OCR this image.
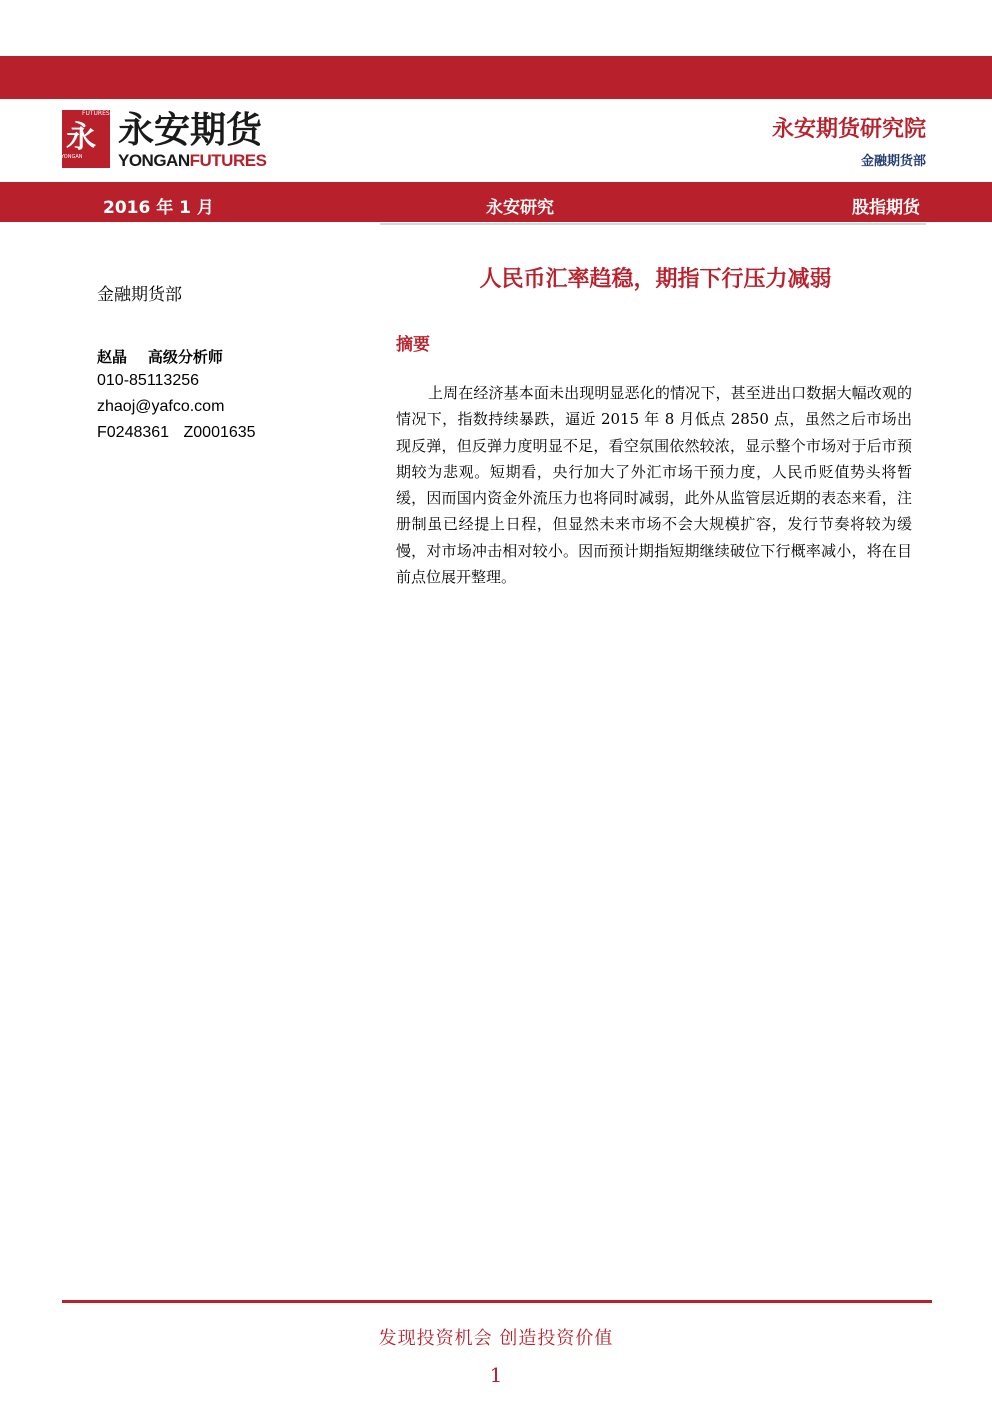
FUTURES
永
YONGAN
永安期货
YONGANFUTURES
永安期货研究院
金融期货部
2016 年 1 月	永安研究	股指期货
金融期货部
赵晶    高级分析师
010-85113256
zhaoj@yafco.com
F0248361 Z0001635
人民币汇率趋稳，期指下行压力减弱
摘要
上周在经济基本面未出现明显恶化的情况下，甚至进出口数据大幅改观的情况下，指数持续暴跌，逼近 2015 年 8 月低点 2850 点，虽然之后市场出现反弹，但反弹力度明显不足，看空氛围依然较浓，显示整个市场对于后市预期较为悲观。短期看，央行加大了外汇市场干预力度，人民币贬值势头将暂缓，因而国内资金外流压力也将同时减弱，此外从监管层近期的表态来看，注册制虽已经提上日程，但显然未来市场不会大规模扩容，发行节奏将较为缓慢，对市场冲击相对较小。因而预计期指短期继续破位下行概率减小，将在目前点位展开整理。
发现投资机会 创造投资价值
1
